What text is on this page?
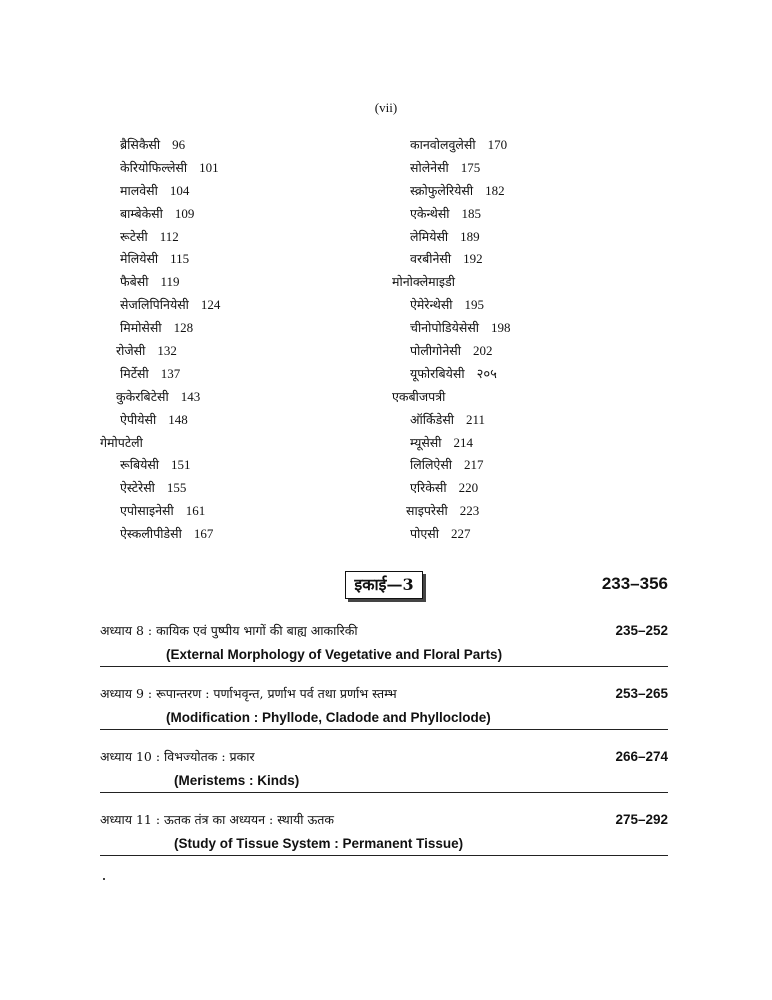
(vii)
ब्रैसिकैसी 96
केरियोफिल्लेसी 101
मालवेसी 104
बाम्बेकेसी 109
रूटेसी 112
मेलियेसी 115
फैबेसी 119
सेजलिपिनियेसी 124
मिमोसेसी 128
रोजेसी 132
मिर्टेसी 137
कुकेरबिटेसी 143
ऐपीयेसी 148
गेमोपटेली
रूबियेसी 151
ऐस्टेरेसी 155
एपोसाइनेसी 161
ऐस्कलीपीडेसी 167
कानवोलवुलेसी 170
सोलेनेसी 175
स्क्रोफुलेरियेसी 182
एकेन्थेसी 185
लेमियेसी 189
वरबीनेसी 192
मोनोक्लेमाइडी
ऐमेरेन्थेसी 195
चीनोपोडियेसेसी 198
पोलीगोनेसी 202
यूफोरबियेसी २०५
एकबीजपत्री
ऑर्किडेसी 211
म्यूसेसी 214
लिलिऐसी 217
एरिकेसी 220
साइपरेसी 223
पोएसी 227
इकाई—3	233–356
अध्याय 8 : कायिक एवं पुष्पीय भागों की बाह्य आकारिकी	235–252
(External Morphology of Vegetative and Floral Parts)
अध्याय 9 : रूपान्तरण : पर्णाभवृन्त, प्रर्णाभ पर्व तथा प्रर्णाभ स्तम्भ	253–265
(Modification : Phyllode, Cladode and Phylloclode)
अध्याय 10 : विभज्योतक : प्रकार	266–274
(Meristems : Kinds)
अध्याय 11 : ऊतक तंत्र का अध्ययन : स्थायी ऊतक	275–292
(Study of Tissue System : Permanent Tissue)
